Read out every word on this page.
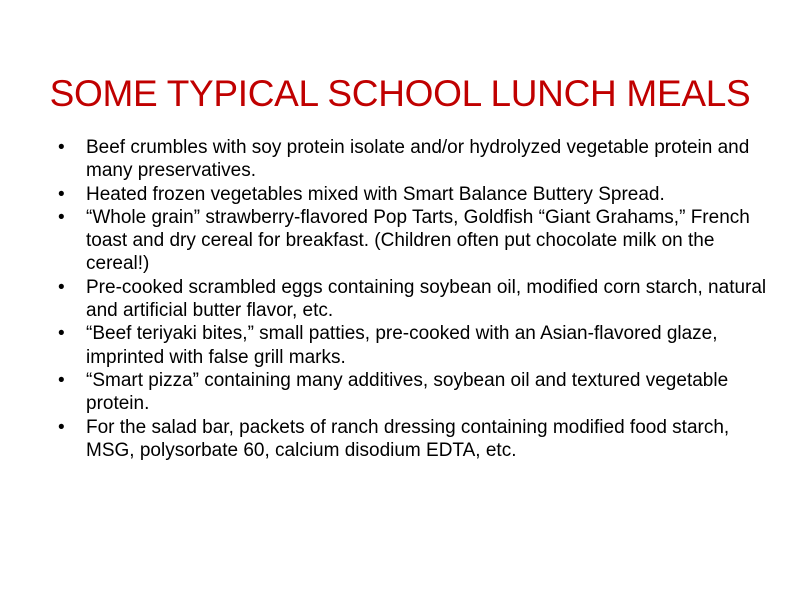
SOME TYPICAL SCHOOL LUNCH MEALS
•	Beef crumbles with soy protein isolate and/or hydrolyzed vegetable protein and many preservatives.
•	Heated frozen vegetables mixed with Smart Balance Buttery Spread.
•	“Whole grain” strawberry-flavored Pop Tarts, Goldfish “Giant Grahams,” French toast and dry cereal for breakfast. (Children often put chocolate milk on the cereal!)
•	Pre-cooked scrambled eggs containing soybean oil, modified corn starch, natural and artificial butter flavor, etc.
•	“Beef teriyaki bites,” small patties, pre-cooked with an Asian-flavored glaze, imprinted with false grill marks.
•	“Smart pizza” containing many additives, soybean oil and textured vegetable protein.
•	For the salad bar, packets of ranch dressing containing modified food starch, MSG, polysorbate 60, calcium disodium EDTA, etc.
